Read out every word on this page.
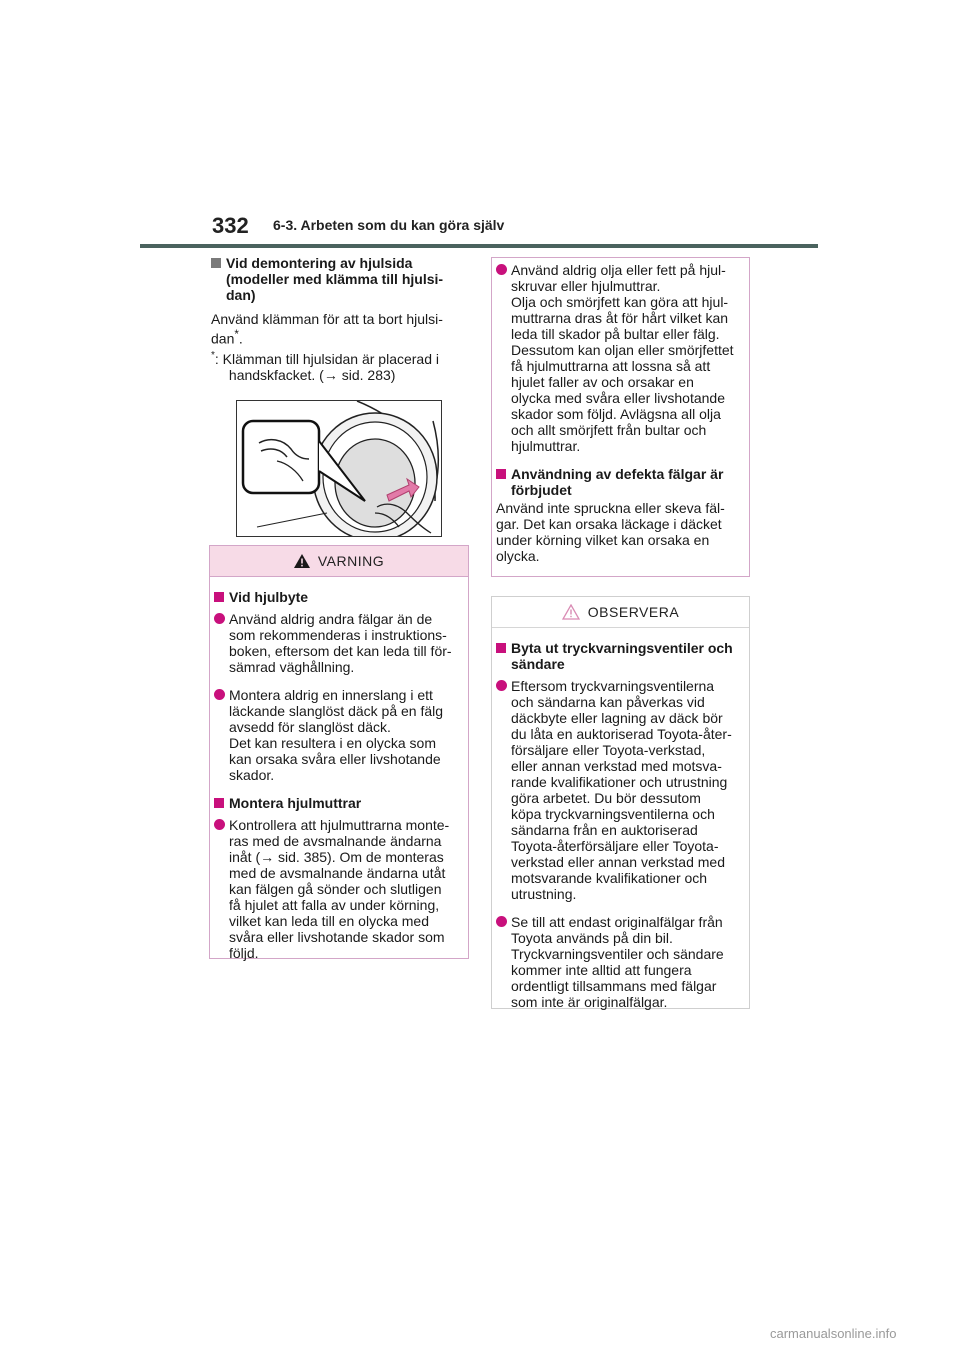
332 6-3. Arbeten som du kan göra själv
Vid demontering av hjulsida (modeller med klämma till hjulsi-dan)

Använd klämman för att ta bort hjulsi-
dan*.

* : Klämman till hjulsidan är placerad i handskfacket. (→ sid. 283)
VARNING
Vid hjulbyte
Använd aldrig andra fälgar än de
som rekommenderas i instruktions-
boken, eftersom det kan leda till för-
sämrad väghållning.
Montera aldrig en innerslang i ett
läckande slanglöst däck på en fälg
avsedd för slanglöst däck.
Det kan resultera i en olycka som
kan orsaka svåra eller livshotande
skador.
Montera hjulmuttrar
Kontrollera att hjulmuttrarna monte-
ras med de avsmalnande ändarna
inåt (→ sid. 385). Om de monteras
med de avsmalnande ändarna utåt
kan fälgen gå sönder och slutligen
få hjulet att falla av under körning,
vilket kan leda till en olycka med
svåra eller livshotande skador som
följd.
Använd aldrig olja eller fett på hjul-
skruvar eller hjulmuttrar.
Olja och smörjfett kan göra att hjul-
muttrarna dras åt för hårt vilket kan
leda till skador på bultar eller fälg.
Dessutom kan oljan eller smörjfettet
få hjulmuttrarna att lossna så att
hjulet faller av och orsakar en
olycka med svåra eller livshotande
skador som följd. Avlägsna all olja
och allt smörjfett från bultar och
hjulmuttrar.
Användning av defekta fälgar är förbjudet

Använd inte spruckna eller skeva fäl-
gar. Det kan orsaka läckage i däcket
under körning vilket kan orsaka en
olycka.

OBSERVERA
Byta ut tryckvarningsventiler och sändare
Eftersom tryckvarningsventilerna
och sändarna kan påverkas vid
däckbyte eller lagning av däck bör
du låta en auktoriserad Toyota-åter-
försäljare eller Toyota-verkstad,
eller annan verkstad med motsva-
rande kvalifikationer och utrustning
göra arbetet. Du bör dessutom
köpa tryckvarningsventilerna och
sändarna från en auktoriserad
Toyota-återförsäljare eller Toyota-
verkstad eller annan verkstad med
motsvarande kvalifikationer och
utrustning.
Se till att endast originalfälgar från
Toyota används på din bil.
Tryckvarningsventiler och sändare
kommer inte alltid att fungera
ordentligt tillsammans med fälgar
som inte är originalfälgar.
carmanualsonline.info
